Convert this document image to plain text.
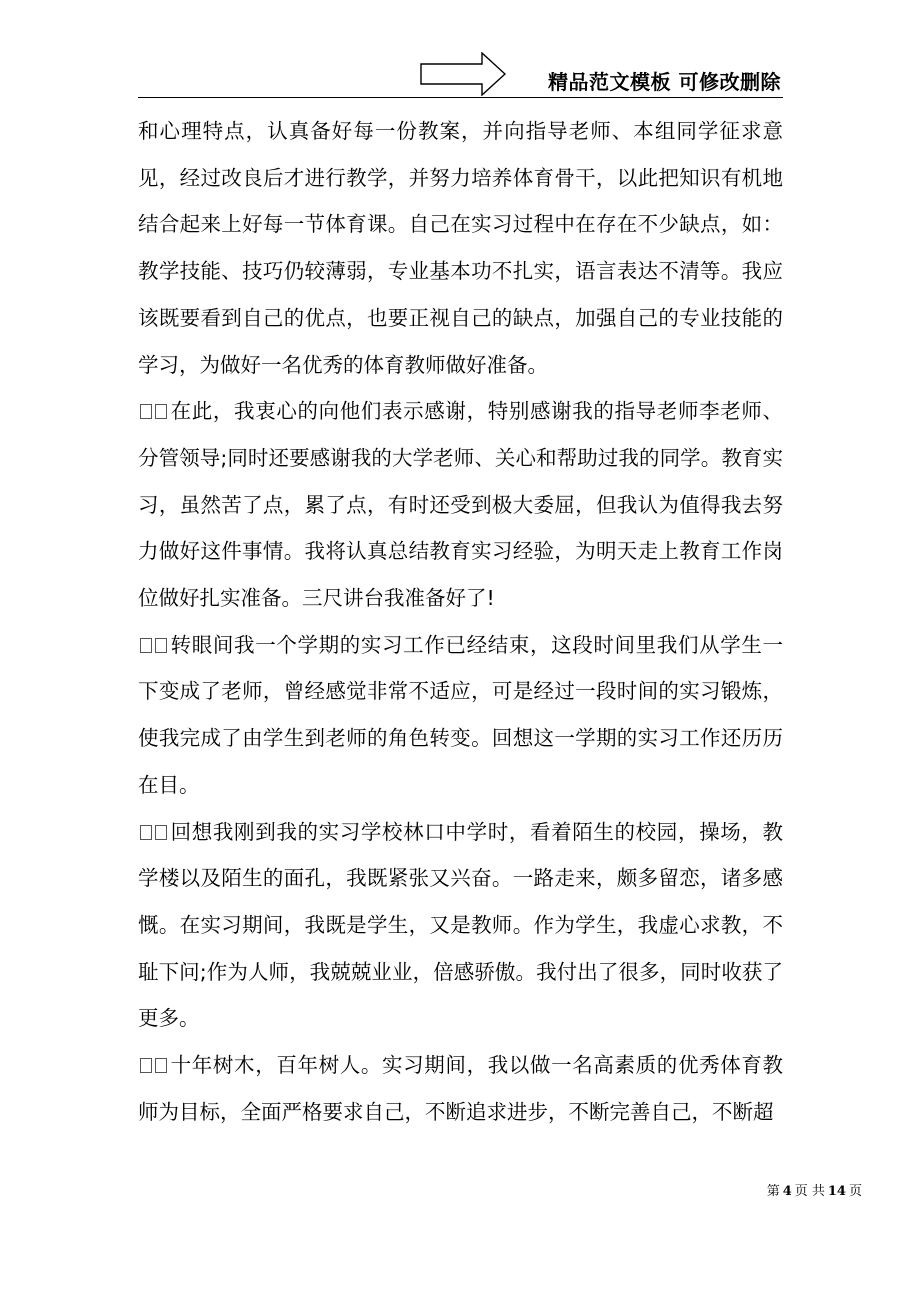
精品范文模板 可修改删除

和心理特点，认真备好每一份教案，并向指导老师、本组同学征求意见，经过改良后才进行教学，并努力培养体育骨干，以此把知识有机地结合起来上好每一节体育课。自己在实习过程中在存在不少缺点，如：教学技能、技巧仍较薄弱，专业基本功不扎实，语言表达不清等。我应该既要看到自己的优点，也要正视自己的缺点，加强自己的专业技能的学习，为做好一名优秀的体育教师做好准备。

在此，我衷心的向他们表示感谢，特别感谢我的指导老师李老师、分管领导;同时还要感谢我的大学老师、关心和帮助过我的同学。教育实习，虽然苦了点，累了点，有时还受到极大委屈，但我认为值得我去努力做好这件事情。我将认真总结教育实习经验，为明天走上教育工作岗位做好扎实准备。三尺讲台我准备好了!

转眼间我一个学期的实习工作已经结束，这段时间里我们从学生一下变成了老师，曾经感觉非常不适应，可是经过一段时间的实习锻炼，使我完成了由学生到老师的角色转变。回想这一学期的实习工作还历历在目。

回想我刚到我的实习学校林口中学时，看着陌生的校园，操场，教学楼以及陌生的面孔，我既紧张又兴奋。一路走来，颇多留恋，诸多感慨。在实习期间，我既是学生，又是教师。作为学生，我虚心求教，不耻下问;作为人师，我兢兢业业，倍感骄傲。我付出了很多，同时收获了更多。

十年树木，百年树人。实习期间，我以做一名高素质的优秀体育教师为目标，全面严格要求自己，不断追求进步，不断完善自己，不断超

第 4 页 共 14 页
